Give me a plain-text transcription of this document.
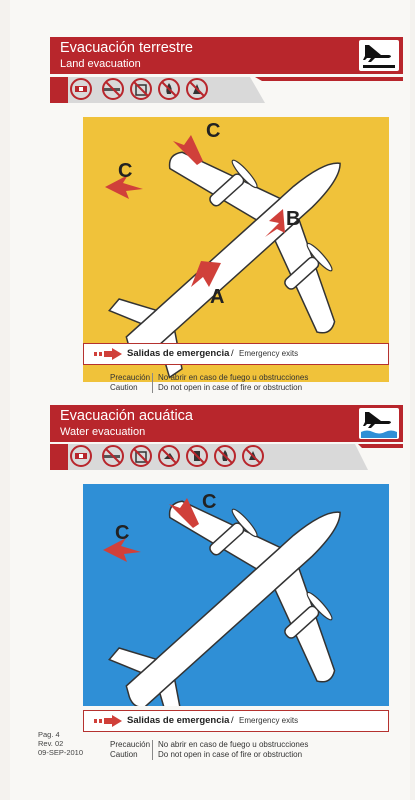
Evacuación terrestre
Land evacuation
C
C
B
A
Salidas de emergencia / Emergency exits
Precaución
Caution
No abrir en caso de fuego u obstrucciones
Do not open in case of fire or obstruction
Evacuación acuática
Water evacuation
C
C
Salidas de emergencia / Emergency exits
Precaución
Caution
No abrir en caso de fuego u obstrucciones
Do not open in case of fire or obstruction
Pag. 4
Rev. 02
09-SEP-2010
